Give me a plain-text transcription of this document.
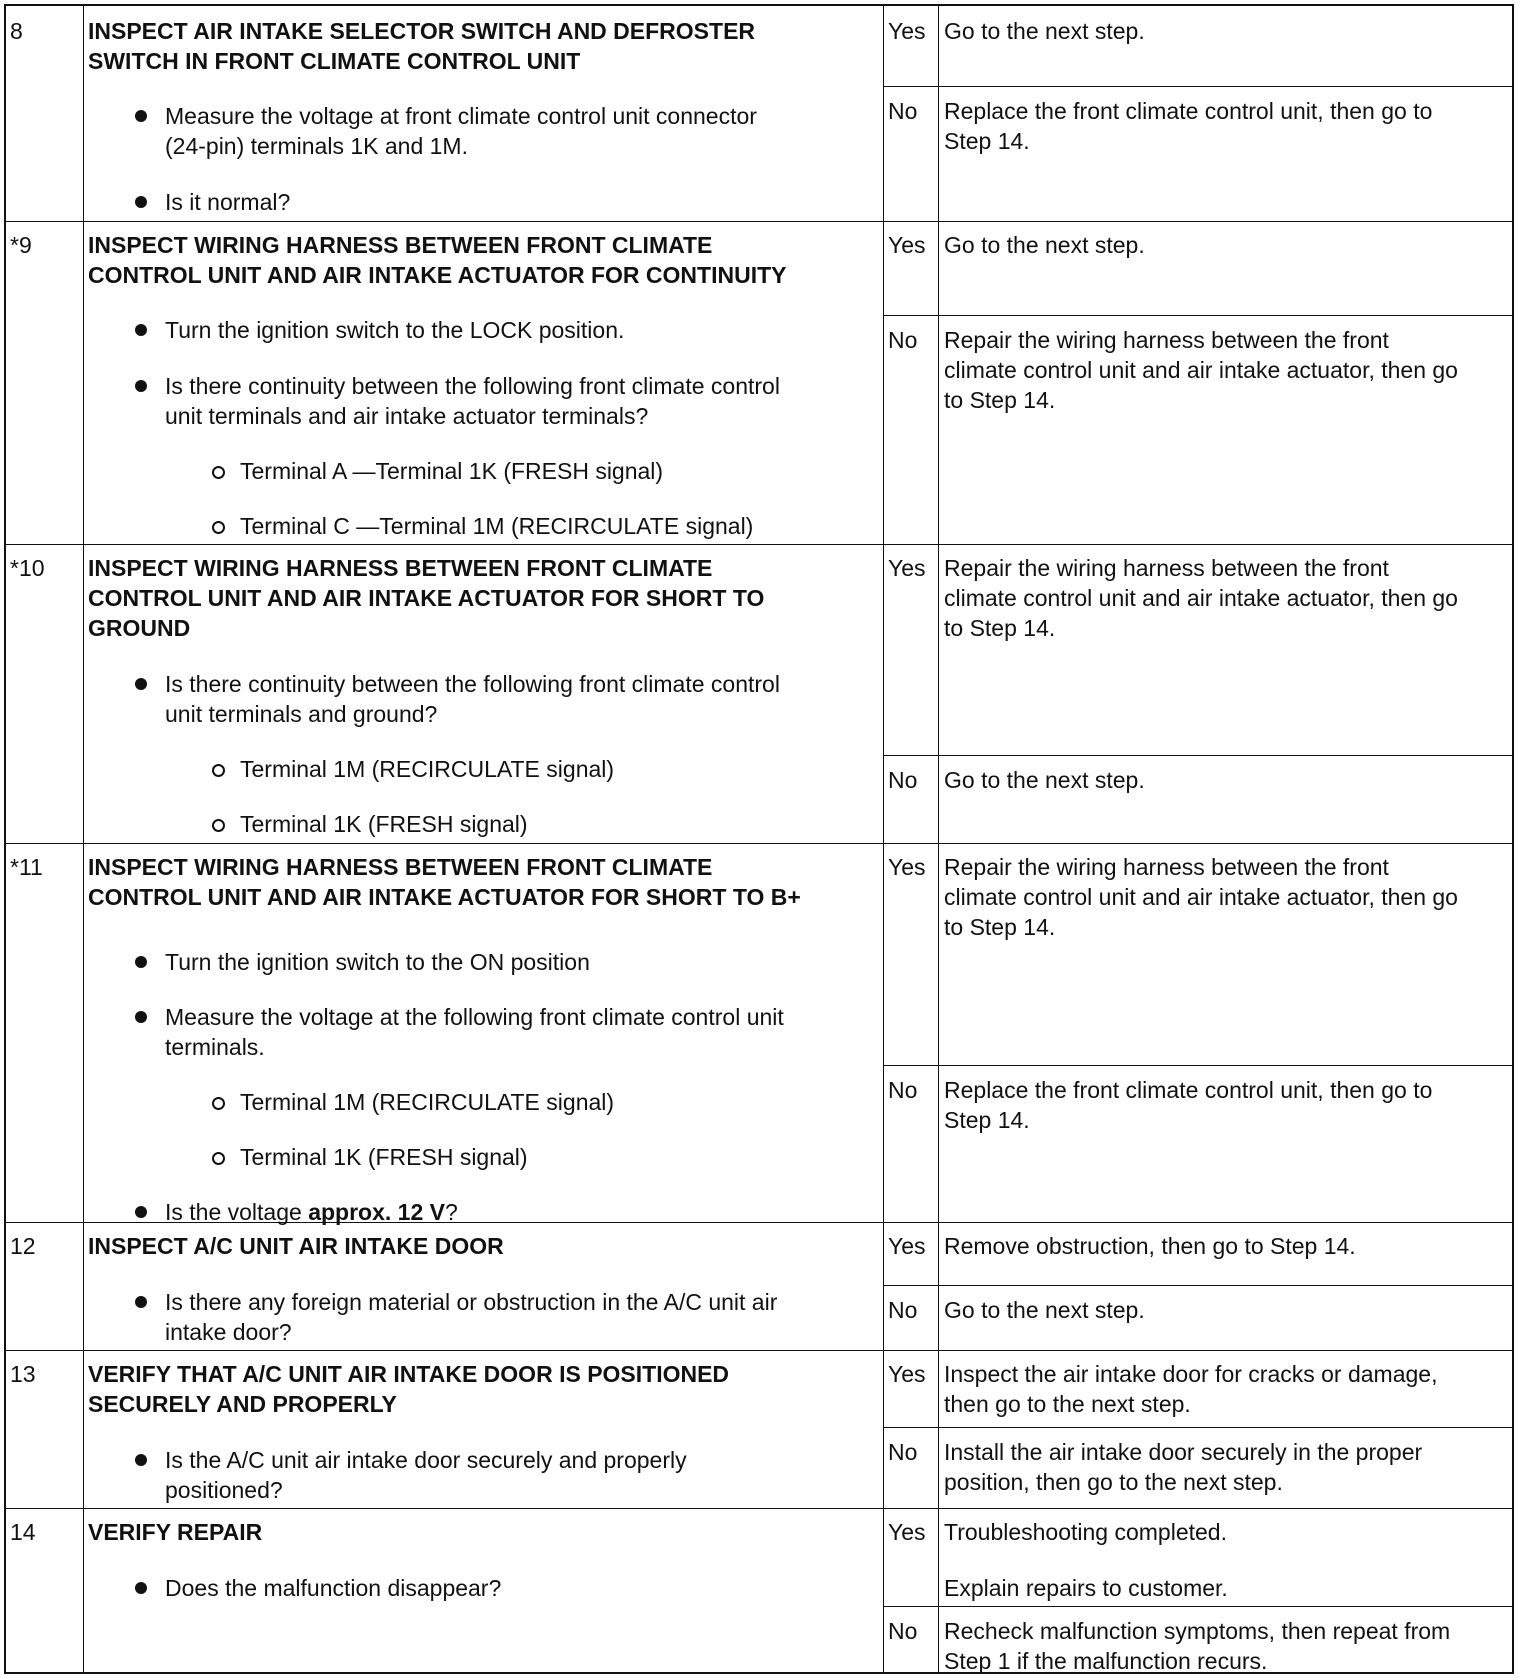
8	INSPECT AIR INTAKE SELECTOR SWITCH AND DEFROSTER
SWITCH IN FRONT CLIMATE CONTROL UNIT
Measure the voltage at front climate control unit connector
(24-pin) terminals 1K and 1M.
Is it normal?
Yes Go to the next step.
No Replace the front climate control unit, then go to
Step 14.
*9 INSPECT WIRING HARNESS BETWEEN FRONT CLIMATE
CONTROL UNIT AND AIR INTAKE ACTUATOR FOR CONTINUITY
Turn the ignition switch to the LOCK position.
Is there continuity between the following front climate control
unit terminals and air intake actuator terminals?
Terminal A —Terminal 1K (FRESH signal)
Terminal C —Terminal 1M (RECIRCULATE signal)
Yes Go to the next step.
No Repair the wiring harness between the front
climate control unit and air intake actuator, then go
to Step 14.
*10 INSPECT WIRING HARNESS BETWEEN FRONT CLIMATE
CONTROL UNIT AND AIR INTAKE ACTUATOR FOR SHORT TO
GROUND
Is there continuity between the following front climate control
unit terminals and ground?
Terminal 1M (RECIRCULATE signal)
Terminal 1K (FRESH signal)
Yes Repair the wiring harness between the front
climate control unit and air intake actuator, then go
to Step 14.
No Go to the next step.
*11 INSPECT WIRING HARNESS BETWEEN FRONT CLIMATE
CONTROL UNIT AND AIR INTAKE ACTUATOR FOR SHORT TO B+
Turn the ignition switch to the ON position
Measure the voltage at the following front climate control unit
terminals.
Terminal 1M (RECIRCULATE signal)
Terminal 1K (FRESH signal)
Is the voltage approx. 12 V?
Yes Repair the wiring harness between the front
climate control unit and air intake actuator, then go
to Step 14.
No Replace the front climate control unit, then go to
Step 14.
12 INSPECT A/C UNIT AIR INTAKE DOOR
Is there any foreign material or obstruction in the A/C unit air
intake door?
Yes Remove obstruction, then go to Step 14.
No Go to the next step.
13 VERIFY THAT A/C UNIT AIR INTAKE DOOR IS POSITIONED
SECURELY AND PROPERLY
Is the A/C unit air intake door securely and properly
positioned?
Yes Inspect the air intake door for cracks or damage,
then go to the next step.
No Install the air intake door securely in the proper
position, then go to the next step.
14 VERIFY REPAIR
Does the malfunction disappear?
Yes Troubleshooting completed.
Explain repairs to customer.
No Recheck malfunction symptoms, then repeat from
Step 1 if the malfunction recurs.
